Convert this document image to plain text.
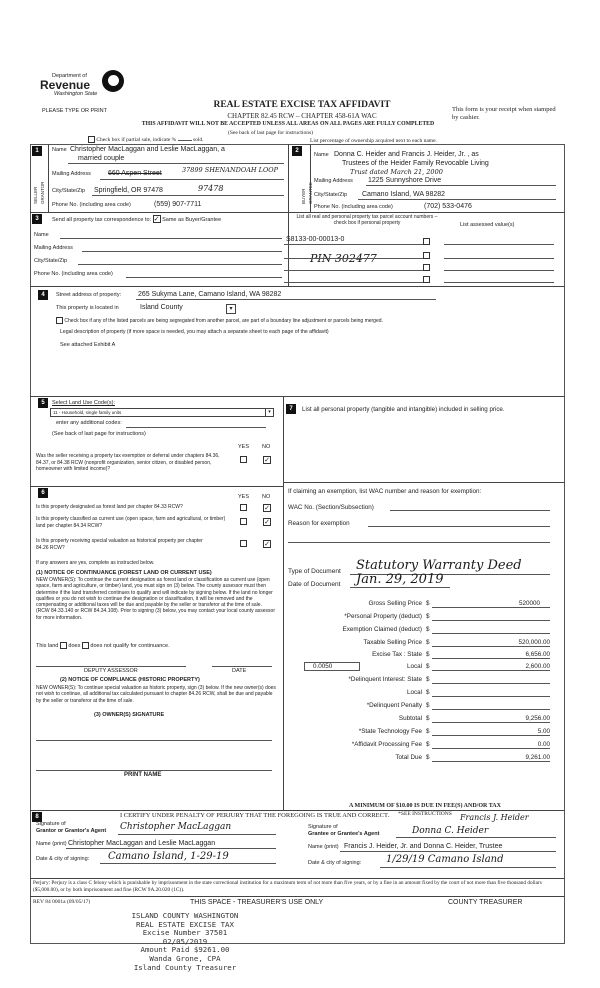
Department of
Revenue
Washington State
PLEASE TYPE OR PRINT
REAL ESTATE EXCISE TAX AFFIDAVIT
CHAPTER 82.45 RCW – CHAPTER 458-61A WAC
THIS AFFIDAVIT WILL NOT BE ACCEPTED UNLESS ALL AREAS ON ALL PAGES ARE FULLY COMPLETED
This form is your receipt when stamped by cashier.
(See back of last page for instructions)
Check box if partial sale, indicate %	sold.	List percentage of ownership acquired next to each name.
1
SELLER GRANTOR
Name Christopher MacLaggan and Leslie MacLaggan, a
married couple
Mailing Address 660 Aspen Street	37899 SHENANDOAH LOOP
City/State/Zip Springfield, OR 97478	97478
Phone No. (including area code)	(559) 907-7711
2
BUYER GRANTEE
Name Donna C. Heider and Francis J. Heider, Jr. , as
Trustees of the Heider Family Revocable Living
Trust dated March 21, 2000
Mailing Address 1225 Sunnyshore Drive
City/State/Zip Camano Island, WA 98282
Phone No. (including area code)	(702) 533-0476
3	Send all property tax correspondence to: ✓ Same as Buyer/Grantee
Name
Mailing Address
City/State/Zip
Phone No. (including area code)
List all real and personal property tax parcel account numbers – check box if personal property	List assessed value(s)
S8133-00-00013-0
PIN 302477
4	Street address of property: 265 Sukyma Lane, Camano Island, WA 98282
This property is located in	Island County	▾
Check box if any of the listed parcels are being segregated from another parcel, are part of a boundary line adjustment or parcels being merged.
Legal description of property (if more space is needed, you may attach a separate sheet to each page of the affidavit)
See attached Exhibit A
5	Select Land Use Code(s):
11 - Household, single family units	▾
enter any additional codes:
(See back of last page for instructions)
YES NO
Was the seller receiving a property tax exemption or deferral under chapters 84.36, 84.37, or 84.38 RCW (nonprofit organization, senior citizen, or disabled person, homeowner with limited income)?
✓
7	List all personal property (tangible and intangible) included in selling price.
If claiming an exemption, list WAC number and reason for exemption:
WAC No. (Section/Subsection)
Reason for exemption
Type of Document Statutory Warranty Deed
Date of Document Jan. 29, 2019
Gross Selling Price $	520000
*Personal Property (deduct) $
Exemption Claimed (deduct) $
Taxable Selling Price $	520,000.00
Excise Tax : State $	6,656.00
0.0050	Local $	2,600.00
*Delinquent Interest: State $
Local $
*Delinquent Penalty $
Subtotal $	9,256.00
*State Technology Fee $	5.00
*Affidavit Processing Fee $	0.00
Total Due $	9,261.00
A MINIMUM OF $10.00 IS DUE IN FEE(S) AND/OR TAX
*SEE INSTRUCTIONS
6
YES NO
Is this property designated as forest land per chapter 84.33 RCW?	✓
Is this property classified as current use (open space, farm and agricultural, or timber) land per chapter 84.34 RCW?	✓
Is this property receiving special valuation as historical property per chapter 84.26 RCW?	✓
If any answers are yes, complete as instructed below.
(1) NOTICE OF CONTINUANCE (FOREST LAND OR CURRENT USE)
NEW OWNER(S): To continue the current designation as forest land or classification as current use (open space, farm and agriculture, or timber) land, you must sign on (3) below. The county assessor must then determine if the land transferred continues to qualify and will indicate by signing below. If the land no longer qualifies or you do not wish to continue the designation or classification, it will be removed and the compensating or additional taxes will be due and payable by the seller or transferor at the time of sale. (RCW 84.33.140 or RCW 84.34.108). Prior to signing (3) below, you may contact your local county assessor for more information.
This land does does not qualify for continuance.
DEPUTY ASSESSOR	DATE
(2) NOTICE OF COMPLIANCE (HISTORIC PROPERTY)
NEW OWNER(S): To continue special valuation as historic property, sign (3) below. If the new owner(s) does not wish to continue, all additional tax calculated pursuant to chapter 84.26 RCW, shall be due and payable by the seller or transferor at the time of sale.
(3) OWNER(S) SIGNATURE
PRINT NAME
8	I CERTIFY UNDER PENALTY OF PERJURY THAT THE FOREGOING IS TRUE AND CORRECT.
Signature of
Grantor or Grantor's Agent Christopher MacLaggan
Name (print) Christopher MacLaggan and Leslie MacLaggan
Date & city of signing: Camano Island, 1-29-19
Signature of
Grantee or Grantee's Agent
Francis J. Heider
Donna C. Heider
Name (print) Francis J. Heider, Jr. and Donna C. Heider, Trustee
Date & city of signing: 1/29/19 Camano Island
Perjury: Perjury is a class C felony which is punishable by imprisonment in the state correctional institution for a maximum term of not more than five years, or by a fine in an amount fixed by the court of not more than five thousand dollars ($5,000.00), or by both imprisonment and fine (RCW 9A.20.020 (1C)).
REV 84 0001a (09/05/17)	THIS SPACE - TREASURER'S USE ONLY	COUNTY TREASURER
ISLAND COUNTY WASHINGTON
REAL ESTATE EXCISE TAX
Excise Number 37501
02/05/2019
Amount Paid $9261.00
Wanda Grone, CPA
Island County Treasurer
